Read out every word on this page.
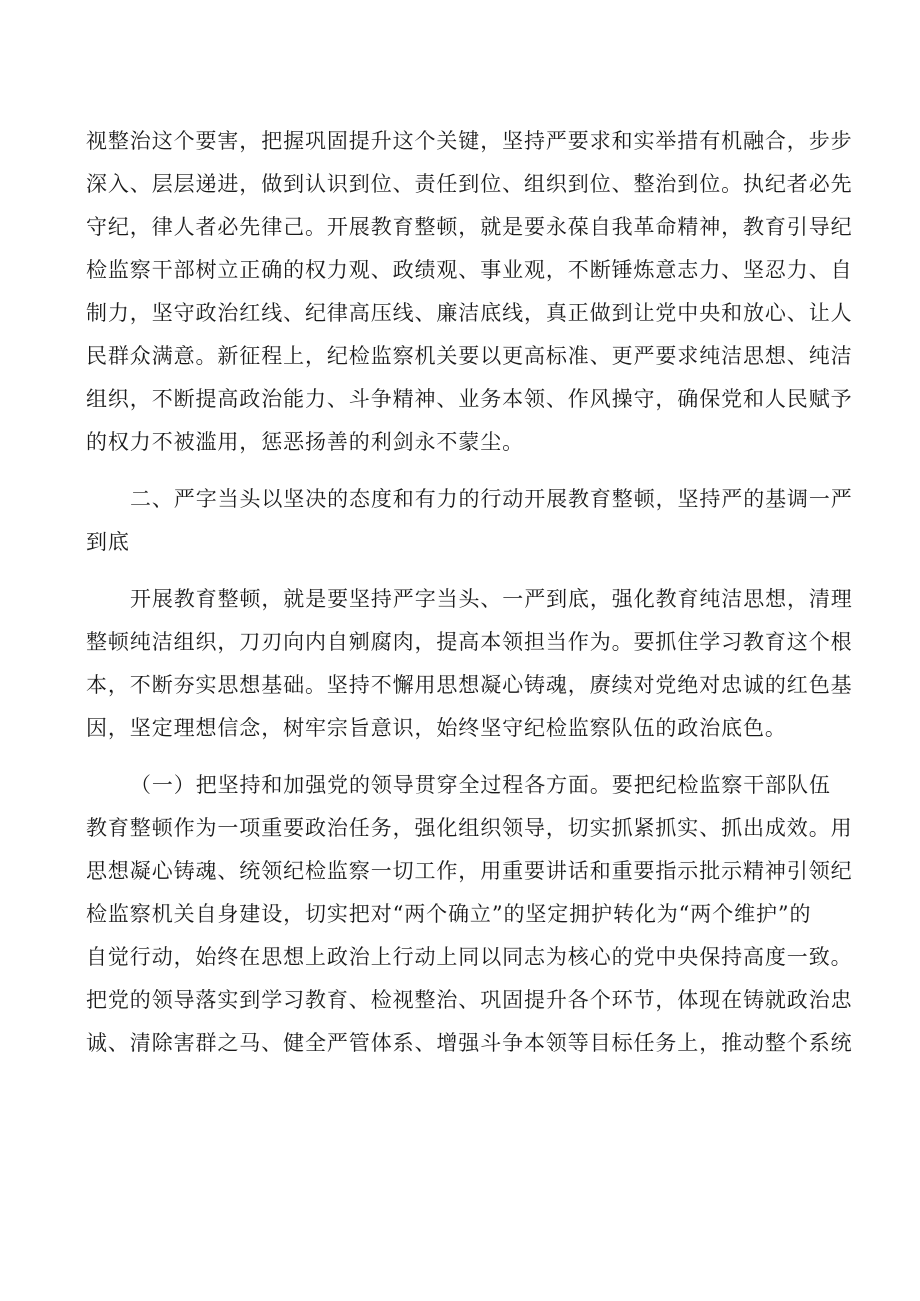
视整治这个要害，把握巩固提升这个关键，坚持严要求和实举措有机融合，步步
深入、层层递进，做到认识到位、责任到位、组织到位、整治到位。执纪者必先
守纪，律人者必先律己。开展教育整顿，就是要永葆自我革命精神，教育引导纪
检监察干部树立正确的权力观、政绩观、事业观，不断锤炼意志力、坚忍力、自
制力，坚守政治红线、纪律高压线、廉洁底线，真正做到让党中央和放心、让人
民群众满意。新征程上，纪检监察机关要以更高标准、更严要求纯洁思想、纯洁
组织，不断提高政治能力、斗争精神、业务本领、作风操守，确保党和人民赋予
的权力不被滥用，惩恶扬善的利剑永不蒙尘。
二、严字当头以坚决的态度和有力的行动开展教育整顿，坚持严的基调一严
到底
开展教育整顿，就是要坚持严字当头、一严到底，强化教育纯洁思想，清理
整顿纯洁组织，刀刃向内自剜腐肉，提高本领担当作为。要抓住学习教育这个根
本，不断夯实思想基础。坚持不懈用思想凝心铸魂，赓续对党绝对忠诚的红色基
因，坚定理想信念，树牢宗旨意识，始终坚守纪检监察队伍的政治底色。
（一）把坚持和加强党的领导贯穿全过程各方面。要把纪检监察干部队伍
教育整顿作为一项重要政治任务，强化组织领导，切实抓紧抓实、抓出成效。用
思想凝心铸魂、统领纪检监察一切工作，用重要讲话和重要指示批示精神引领纪
检监察机关自身建设，切实把对“两个确立”的坚定拥护转化为“两个维护”的
自觉行动，始终在思想上政治上行动上同以同志为核心的党中央保持高度一致。
把党的领导落实到学习教育、检视整治、巩固提升各个环节，体现在铸就政治忠
诚、清除害群之马、健全严管体系、增强斗争本领等目标任务上，推动整个系统
